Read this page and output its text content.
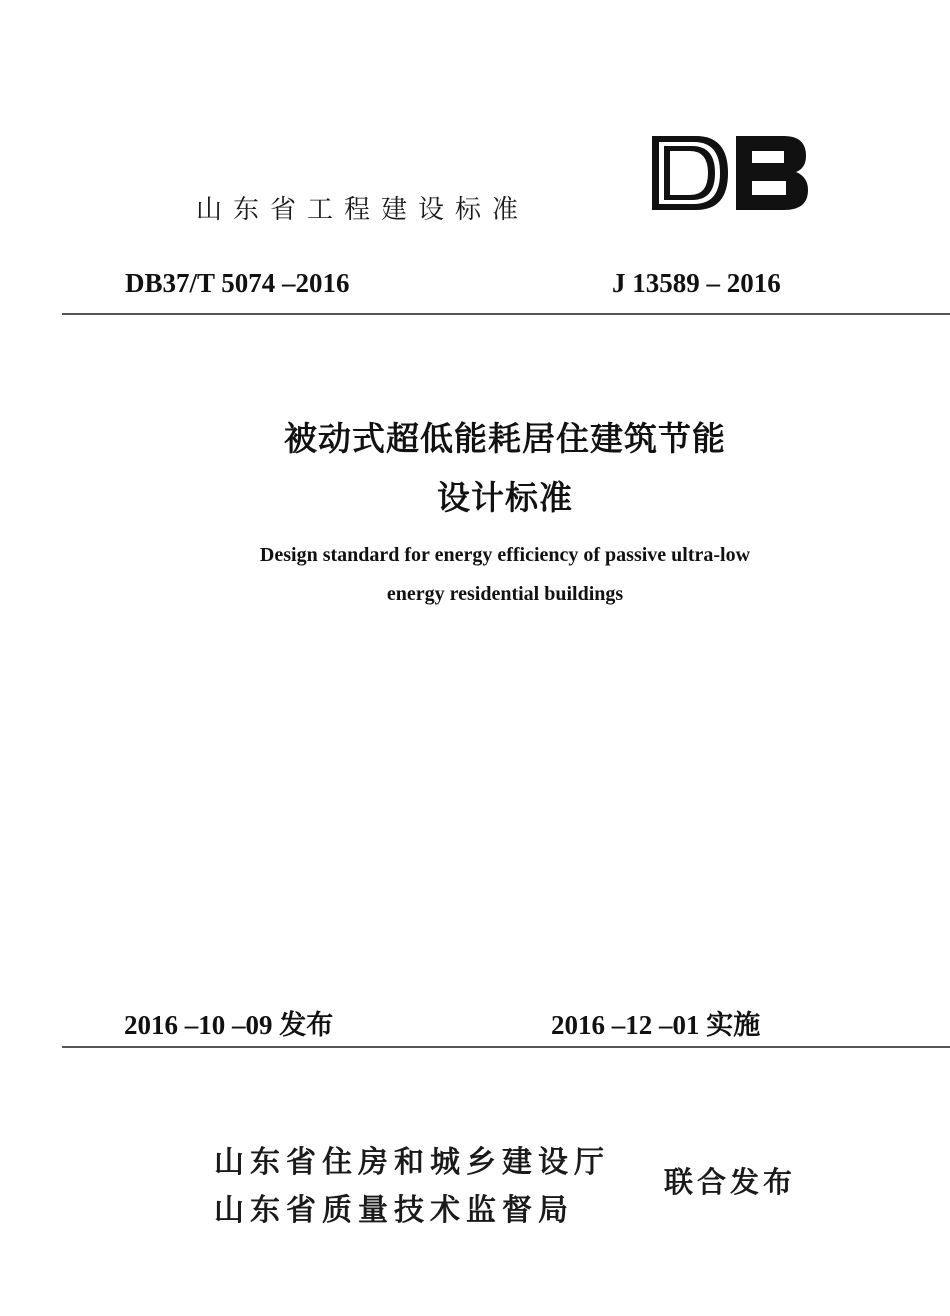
山东省工程建设标准
DB37/T 5074 –2016	J 13589 – 2016
被动式超低能耗居住建筑节能
设计标准
Design standard for energy efficiency of passive ultra-low
energy residential buildings
2016 –10 –09 发布	2016 –12 –01 实施
山东省住房和城乡建设厅
山东省质量技术监督局
联合发布
